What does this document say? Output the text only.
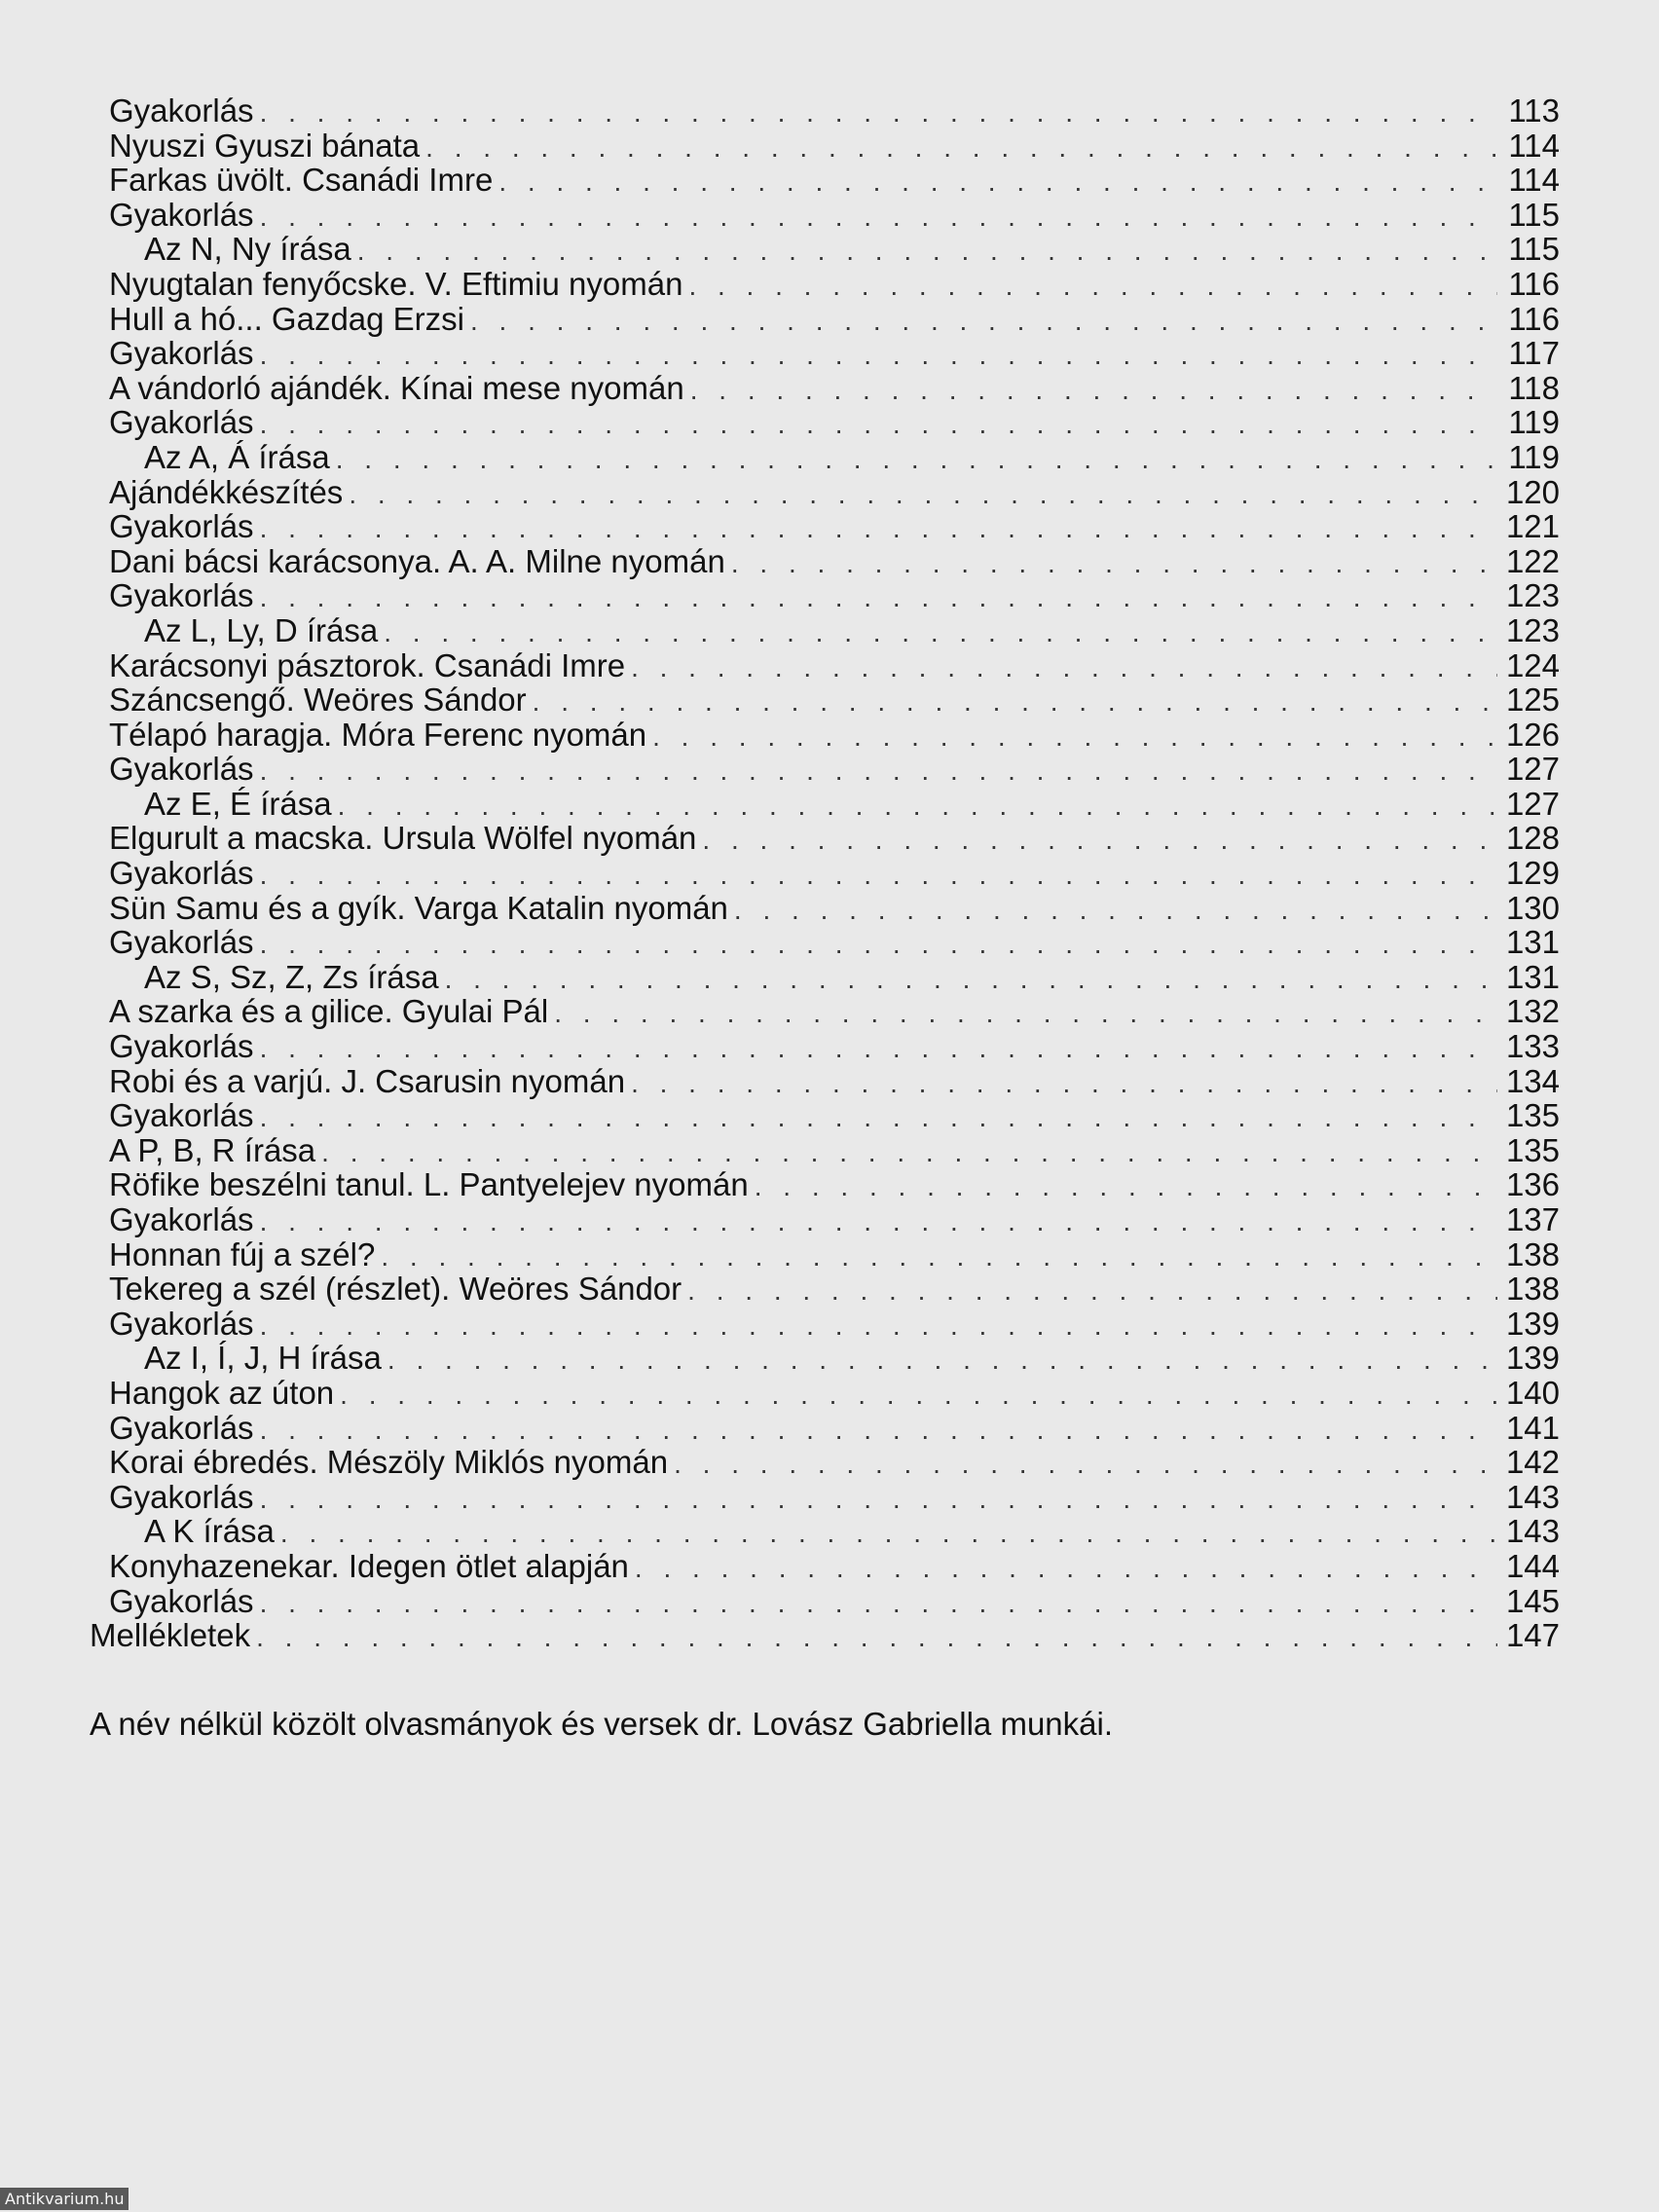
Gyakorlás . . .	113
Nyuszi Gyuszi bánata . . .	114
Farkas üvölt. Csanádi Imre . . .	114
Gyakorlás . . .	115
Az N, Ny írása . . .	115
Nyugtalan fenyőcske. V. Eftimiu nyomán . . .	116
Hull a hó... Gazdag Erzsi . . .	116
Gyakorlás . . .	117
A vándorló ajándék. Kínai mese nyomán . . .	118
Gyakorlás . . .	119
Az A, Á írása . . .	119
Ajándékkészítés . . .	120
Gyakorlás . . .	121
Dani bácsi karácsonya. A. A. Milne nyomán . . .	122
Gyakorlás . . .	123
Az L, Ly, D írása . . .	123
Karácsonyi pásztorok. Csanádi Imre . . .	124
Száncsengő. Weöres Sándor . . .	125
Télapó haragja. Móra Ferenc nyomán . . .	126
Gyakorlás . . .	127
Az E, É írása . . .	127
Elgurult a macska. Ursula Wölfel nyomán . . .	128
Gyakorlás . . .	129
Sün Samu és a gyík. Varga Katalin nyomán . . .	130
Gyakorlás . . .	131
Az S, Sz, Z, Zs írása . . .	131
A szarka és a gilice. Gyulai Pál . . .	132
Gyakorlás . . .	133
Robi és a varjú. J. Csarusin nyomán . . .	134
Gyakorlás . . .	135
A P, B, R írása . . .	135
Röfike beszélni tanul. L. Pantyelejev nyomán . . .	136
Gyakorlás . . .	137
Honnan fúj a szél? . . .	138
Tekereg a szél (részlet). Weöres Sándor . . .	138
Gyakorlás . . .	139
Az I, Í, J, H írása . . .	139
Hangok az úton . . .	140
Gyakorlás . . .	141
Korai ébredés. Mészöly Miklós nyomán . . .	142
Gyakorlás . . .	143
A K írása . . .	143
Konyhazenekar. Idegen ötlet alapján . . .	144
Gyakorlás . . .	145
Mellékletek . . .	147
A név nélkül közölt olvasmányok és versek dr. Lovász Gabriella munkái.

Antikvarium.hu
